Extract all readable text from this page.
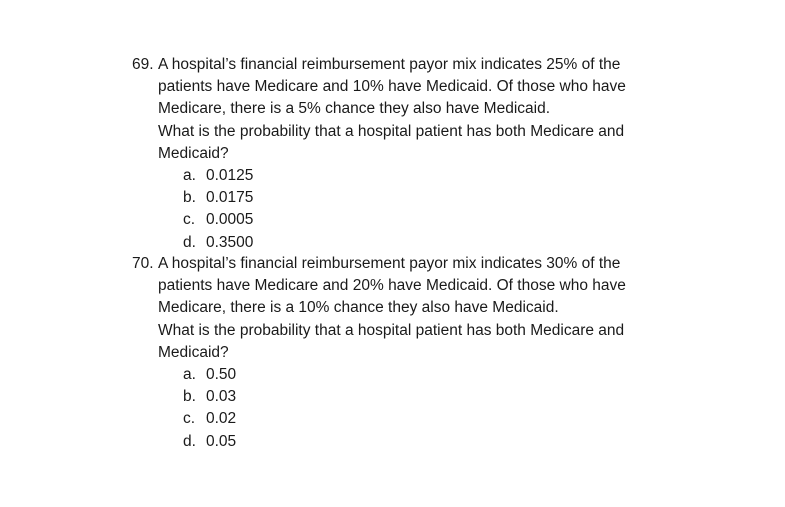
69. A hospital’s financial reimbursement payor mix indicates 25% of the
patients have Medicare and 10% have Medicaid. Of those who have
Medicare, there is a 5% chance they also have Medicaid.
What is the probability that a hospital patient has both Medicare and
Medicaid?
a. 0.0125
b. 0.0175
c. 0.0005
d. 0.3500
70. A hospital’s financial reimbursement payor mix indicates 30% of the
patients have Medicare and 20% have Medicaid. Of those who have
Medicare, there is a 10% chance they also have Medicaid.
What is the probability that a hospital patient has both Medicare and
Medicaid?
a. 0.50
b. 0.03
c. 0.02
d. 0.05
